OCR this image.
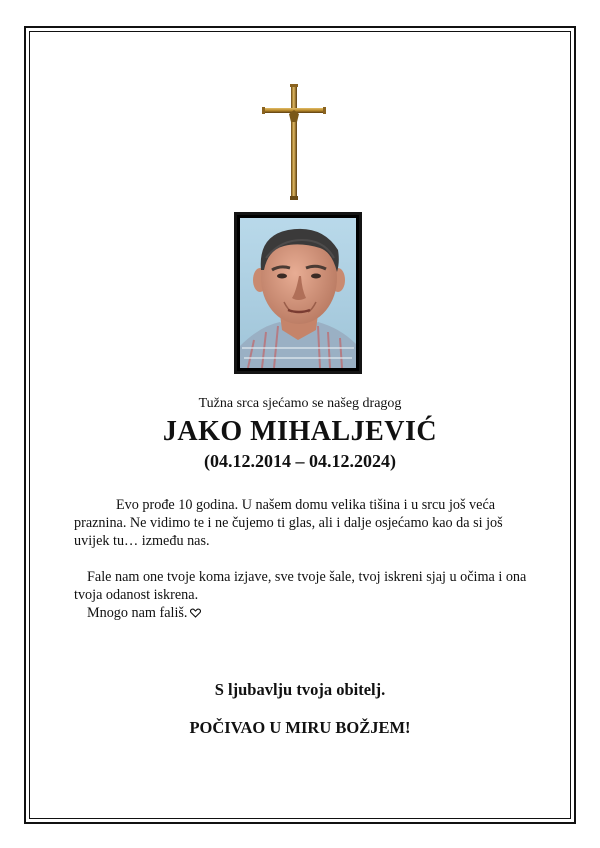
Tužna srca sjećamo se našeg dragog
JAKO MIHALJEVIĆ
(04.12.2014 – 04.12.2024)

Evo prođe 10 godina. U našem domu velika tišina i u srcu još veća praznina. Ne vidimo te i ne čujemo ti glas, ali i dalje osjećamo kao da si još uvijek tu… između nas.

Fale nam one tvoje koma izjave, sve tvoje šale, tvoj iskreni sjaj u očima i ona tvoja odanost iskrena.

Mnogo nam fališ.

S ljubavlju tvoja obitelj.
POČIVAO U MIRU BOŽJEM!
